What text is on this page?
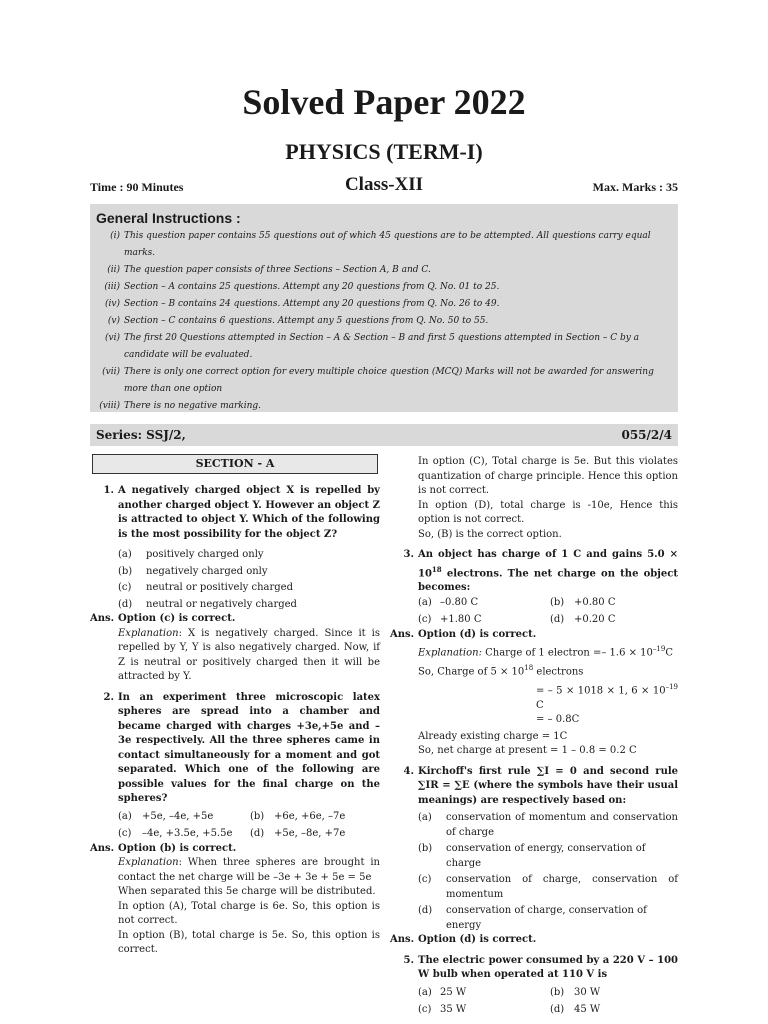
Solved Paper 2022
PHYSICS (TERM-I)
Time : 90 Minutes	Class-XII	Max. Marks : 35
General Instructions :
(i) This question paper contains 55 questions out of which 45 questions are to be attempted. All questions carry equal marks.
(ii) The question paper consists of three Sections – Section A, B and C.
(iii) Section – A contains 25 questions. Attempt any 20 questions from Q. No. 01 to 25.
(iv) Section – B contains 24 questions. Attempt any 20 questions from Q. No. 26 to 49.
(v) Section – C contains 6 questions. Attempt any 5 questions from Q. No. 50 to 55.
(vi) The first 20 Questions attempted in Section – A & Section – B and first 5 questions attempted in Section – C by a candidate will be evaluated.
(vii) There is only one correct option for every multiple choice question (MCQ) Marks will not be awarded for answering more than one option
(viii) There is no negative marking.
Series: SSJ/2,	055/2/4
SECTION - A
1. A negatively charged object X is repelled by another charged object Y. However an object Z is attracted to object Y. Which of the following is the most possibility for the object Z?
(a) positively charged only
(b) negatively charged only
(c) neutral or positively charged
(d) neutral or negatively charged
Ans. Option (c) is correct.
Explanation: X is negatively charged. Since it is repelled by Y, Y is also negatively charged. Now, if Z is neutral or positively charged then it will be attracted by Y.
2. In an experiment three microscopic latex spheres are spread into a chamber and became charged with charges +3e,+5e and –3e respectively. All the three spheres came in contact simultaneously for a moment and got separated. Which one of the following are possible values for the final charge on the spheres?
(a) +5e, –4e, +5e	(b) +6e, +6e, –7e
(c) –4e, +3.5e, +5.5e (d) +5e, –8e, +7e
Ans. Option (b) is correct.
Explanation: When three spheres are brought in contact the net charge will be –3e + 3e + 5e = 5e
When separated this 5e charge will be distributed.
In option (A), Total charge is 6e. So, this option is not correct.
In option (B), total charge is 5e. So, this option is correct.
In option (C), Total charge is 5e. But this violates quantization of charge principle. Hence this option is not correct.
In option (D), total charge is -10e, Hence this option is not correct.
So, (B) is the correct option.
3. An object has charge of 1 C and gains $5.0 \times 10^{18}$ electrons. The net charge on the object becomes:
(a) –0.80 C	(b) +0.80 C
(c) +1.80 C	(d) +0.20 C
Ans. Option (d) is correct.
Explanation: Charge of 1 electron =– $1.6 \times 10^{-19}C$
So, Charge of $5 \times 10^{18}$ electrons
= – 5 × 1018 × 1, $6 \times 10^{-19}$ C
= – 0.8C
Already existing charge = 1C
So, net charge at present = 1 – 0.8 = 0.2 C
4. Kirchoff's first rule ∑I = 0 and second rule ∑IR = ∑E (where the symbols have their usual meanings) are respectively based on:
(a) conservation of momentum and conservation of charge
(b) conservation of energy, conservation of charge
(c) conservation of charge, conservation of momentum
(d) conservation of charge, conservation of energy
Ans. Option (d) is correct.
5. The electric power consumed by a 220 V – 100 W bulb when operated at 110 V is
(a) 25 W	(b) 30 W
(c) 35 W	(d) 45 W
